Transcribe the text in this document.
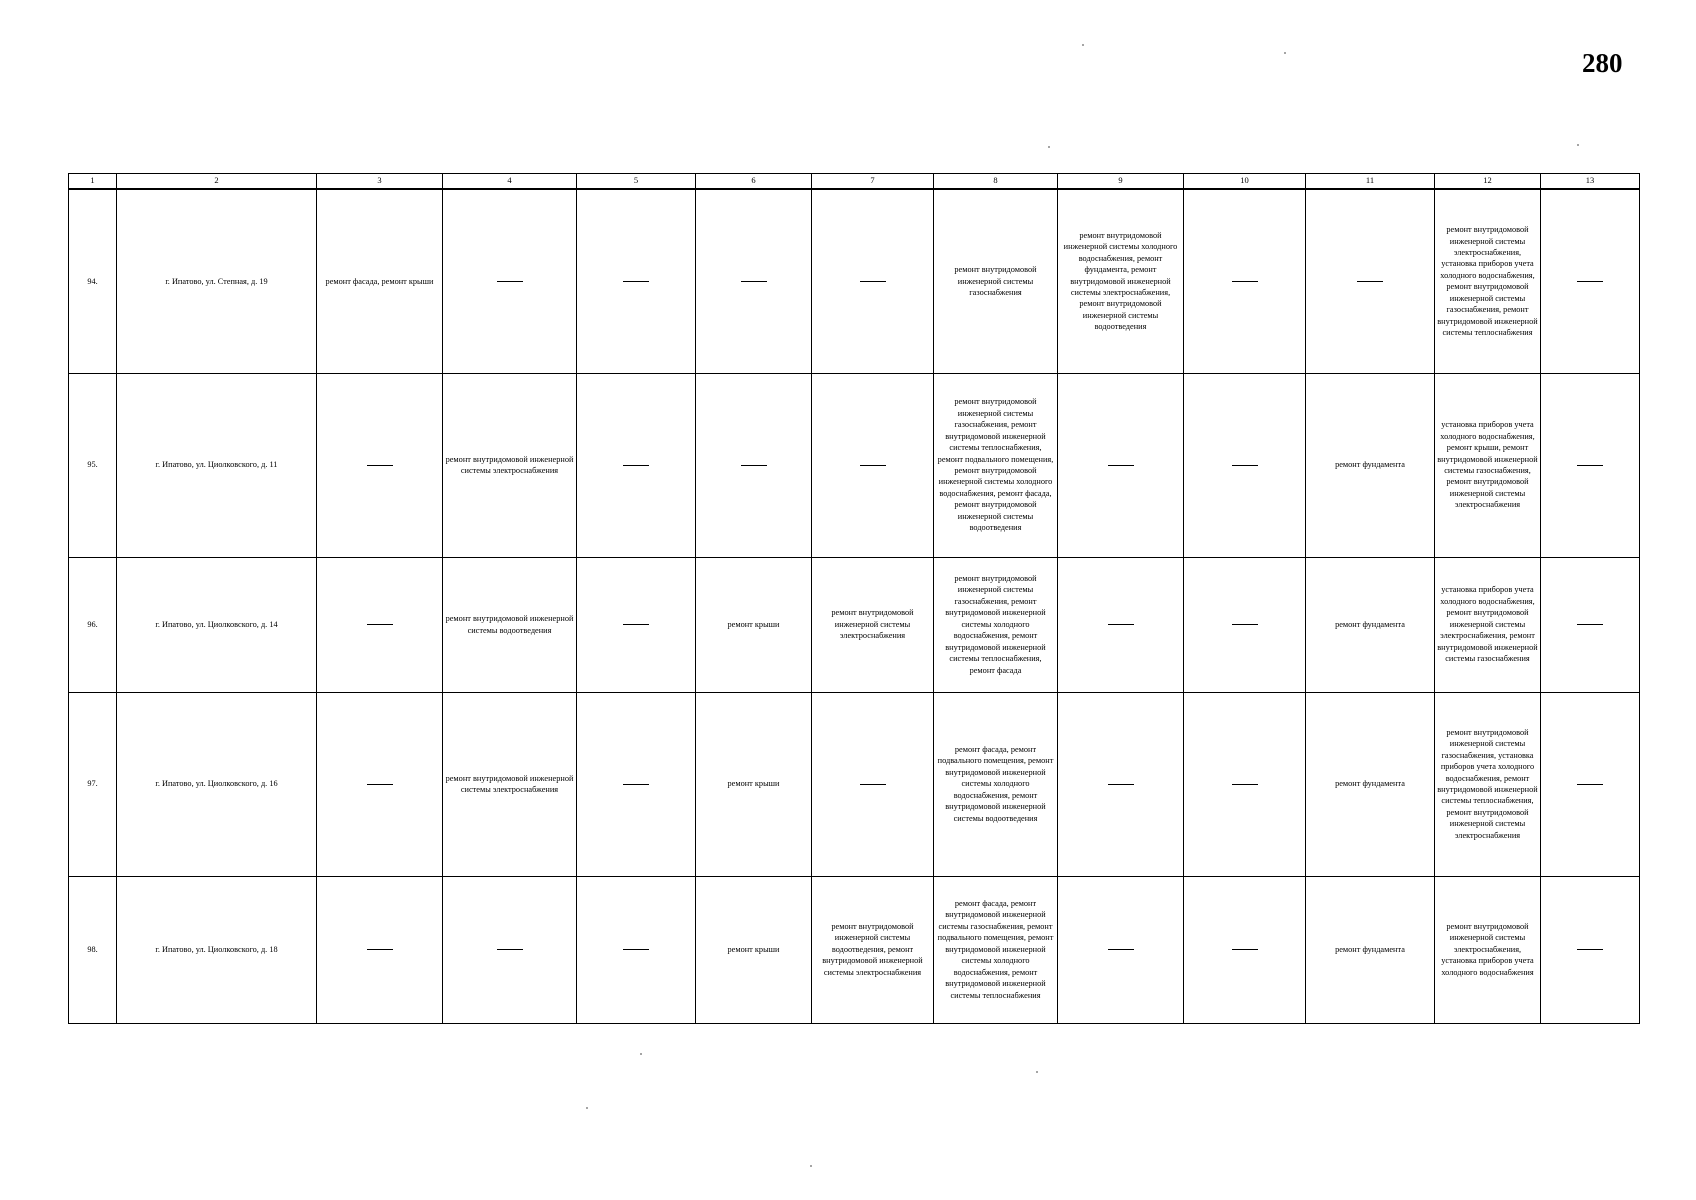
280
1	2	3	4	5	6	7	8	9	10	11	12	13
94.	г. Ипатово, ул. Степная, д. 19	ремонт фасада, ремонт крыши					ремонт внутридомовой инженерной системы газоснабжения	ремонт внутридомовой инженерной системы холодного водоснабжения, ремонт фундамента, ремонт внутридомовой инженерной системы электроснабжения, ремонт внутридомовой инженерной системы водоотведения			ремонт внутридомовой инженерной системы электроснабжения, установка приборов учета холодного водоснабжения, ремонт внутридомовой инженерной системы газоснабжения, ремонт внутридомовой инженерной системы теплоснабжения	
95.	г. Ипатово, ул. Циолковского, д. 11		ремонт внутридомовой инженерной системы электроснабжения				ремонт внутридомовой инженерной системы газоснабжения, ремонт внутридомовой инженерной системы теплоснабжения, ремонт подвального помещения, ремонт внутридомовой инженерной системы холодного водоснабжения, ремонт фасада, ремонт внутридомовой инженерной системы водоотведения			ремонт фундамента	установка приборов учета холодного водоснабжения, ремонт крыши, ремонт внутридомовой инженерной системы газоснабжения, ремонт внутридомовой инженерной системы электроснабжения	
96.	г. Ипатово, ул. Циолковского, д. 14		ремонт внутридомовой инженерной системы водоотведения		ремонт крыши	ремонт внутридомовой инженерной системы электроснабжения	ремонт внутридомовой инженерной системы газоснабжения, ремонт внутридомовой инженерной системы холодного водоснабжения, ремонт внутридомовой инженерной системы теплоснабжения, ремонт фасада			ремонт фундамента	установка приборов учета холодного водоснабжения, ремонт внутридомовой инженерной системы электроснабжения, ремонт внутридомовой инженерной системы газоснабжения	
97.	г. Ипатово, ул. Циолковского, д. 16		ремонт внутридомовой инженерной системы электроснабжения		ремонт крыши		ремонт фасада, ремонт подвального помещения, ремонт внутридомовой инженерной системы холодного водоснабжения, ремонт внутридомовой инженерной системы водоотведения			ремонт фундамента	ремонт внутридомовой инженерной системы газоснабжения, установка приборов учета холодного водоснабжения, ремонт внутридомовой инженерной системы теплоснабжения, ремонт внутридомовой инженерной системы электроснабжения	
98.	г. Ипатово, ул. Циолковского, д. 18				ремонт крыши	ремонт внутридомовой инженерной системы водоотведения, ремонт внутридомовой инженерной системы электроснабжения	ремонт фасада, ремонт внутридомовой инженерной системы газоснабжения, ремонт подвального помещения, ремонт внутридомовой инженерной системы холодного водоснабжения, ремонт внутридомовой инженерной системы теплоснабжения			ремонт фундамента	ремонт внутридомовой инженерной системы электроснабжения, установка приборов учета холодного водоснабжения	
